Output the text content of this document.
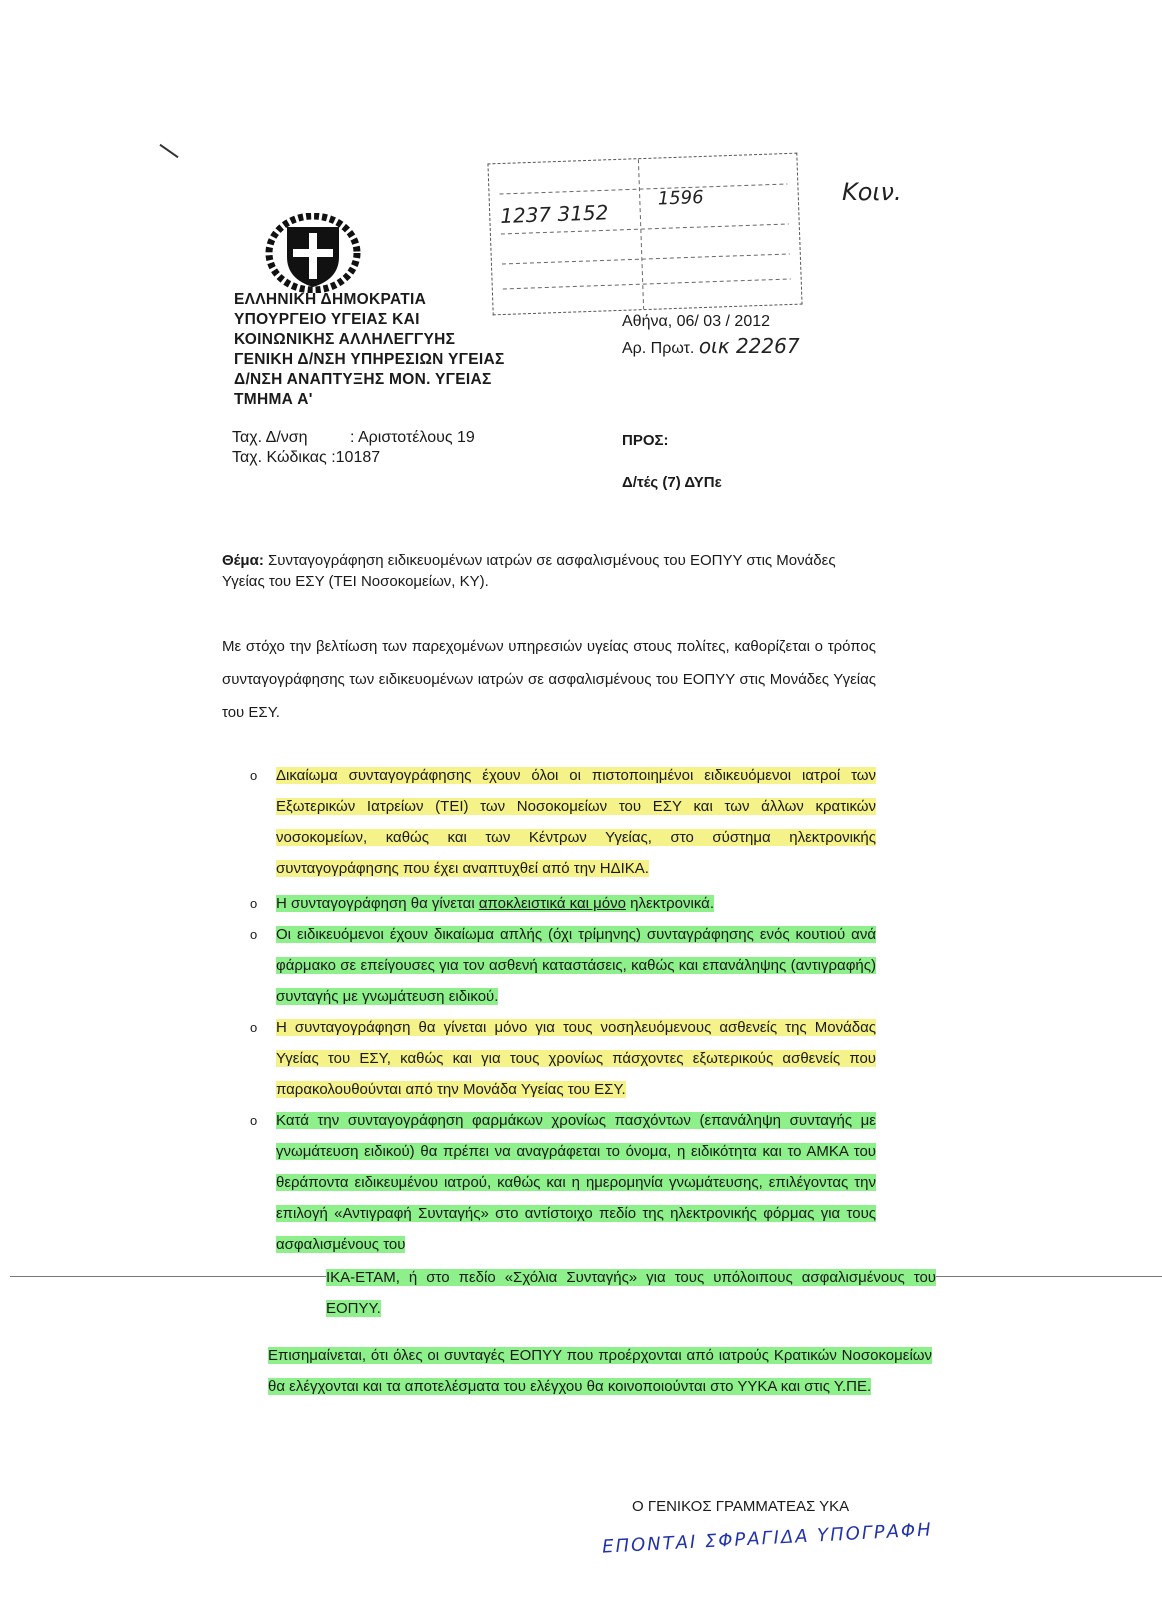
1237 3152
1596	Κοιν.
ΕΛΛΗΝΙΚΗ ΔΗΜΟΚΡΑΤΙΑ
ΥΠΟΥΡΓΕΙΟ ΥΓΕΙΑΣ ΚΑΙ
ΚΟΙΝΩΝΙΚΗΣ ΑΛΛΗΛΕΓΓΥΗΣ
ΓΕΝΙΚΗ Δ/ΝΣΗ ΥΠΗΡΕΣΙΩΝ ΥΓΕΙΑΣ
Δ/ΝΣΗ ΑΝΑΠΤΥΞΗΣ ΜΟΝ. ΥΓΕΙΑΣ
ΤΜΗΜΑ Α'
Αθήνα, 06/ 03 / 2012
Αρ. Πρωτ. οικ 22267
Ταχ. Δ/νση	: Αριστοτέλους 19
Ταχ. Κώδικας :10187
ΠΡΟΣ:
Δ/τές (7) ΔΥΠε
Θέμα: Συνταγογράφηση ειδικευομένων ιατρών σε ασφαλισμένους του ΕΟΠΥΥ στις Μονάδες Υγείας του ΕΣΥ (ΤΕΙ Νοσοκομείων, ΚΥ).
Με στόχο την βελτίωση των παρεχομένων υπηρεσιών υγείας στους πολίτες, καθορίζεται ο τρόπος συνταγογράφησης των ειδικευομένων ιατρών σε ασφαλισμένους του ΕΟΠΥΥ στις Μονάδες Υγείας του ΕΣΥ.
o Δικαίωμα συνταγογράφησης έχουν όλοι οι πιστοποιημένοι ειδικευόμενοι ιατροί των Εξωτερικών Ιατρείων (ΤΕΙ) των Νοσοκομείων του ΕΣΥ και των άλλων κρατικών νοσοκομείων, καθώς και των Κέντρων Υγείας, στο σύστημα ηλεκτρονικής συνταγογράφησης που έχει αναπτυχθεί από την ΗΔΙΚΑ.
o Η συνταγογράφηση θα γίνεται αποκλειστικά και μόνο ηλεκτρονικά.
o Οι ειδικευόμενοι έχουν δικαίωμα απλής (όχι τρίμηνης) συνταγράφησης ενός κουτιού ανά φάρμακο σε επείγουσες για τον ασθενή καταστάσεις, καθώς και επανάληψης (αντιγραφής) συνταγής με γνωμάτευση ειδικού.
o Η συνταγογράφηση θα γίνεται μόνο για τους νοσηλευόμενους ασθενείς της Μονάδας Υγείας του ΕΣΥ, καθώς και για τους χρονίως πάσχοντες εξωτερικούς ασθενείς που παρακολουθούνται από την Μονάδα Υγείας του ΕΣΥ.
o Κατά την συνταγογράφηση φαρμάκων χρονίως πασχόντων (επανάληψη συνταγής με γνωμάτευση ειδικού) θα πρέπει να αναγράφεται το όνομα, η ειδικότητα και το ΑΜΚΑ του θεράποντα ειδικευμένου ιατρού, καθώς και η ημερομηνία γνωμάτευσης, επιλέγοντας την επιλογή «Αντιγραφή Συνταγής» στο αντίστοιχο πεδίο της ηλεκτρονικής φόρμας για τους ασφαλισμένους του
ΙΚΑ-ΕΤΑΜ, ή στο πεδίο «Σχόλια Συνταγής» για τους υπόλοιπους ασφαλισμένους του ΕΟΠΥΥ.
Επισημαίνεται, ότι όλες οι συνταγές ΕΟΠΥΥ που προέρχονται από ιατρούς Κρατικών Νοσοκομείων θα ελέγχονται και τα αποτελέσματα του ελέγχου θα κοινοποιούνται στο ΥΥΚΑ και στις Υ.ΠΕ.
Ο ΓΕΝΙΚΟΣ ΓΡΑΜΜΑΤΕΑΣ ΥΚΑ
ΕΠΟΝΤΑΙ ΣΦΡΑΓΙΔΑ ΥΠΟΓΡΑΦΗ
